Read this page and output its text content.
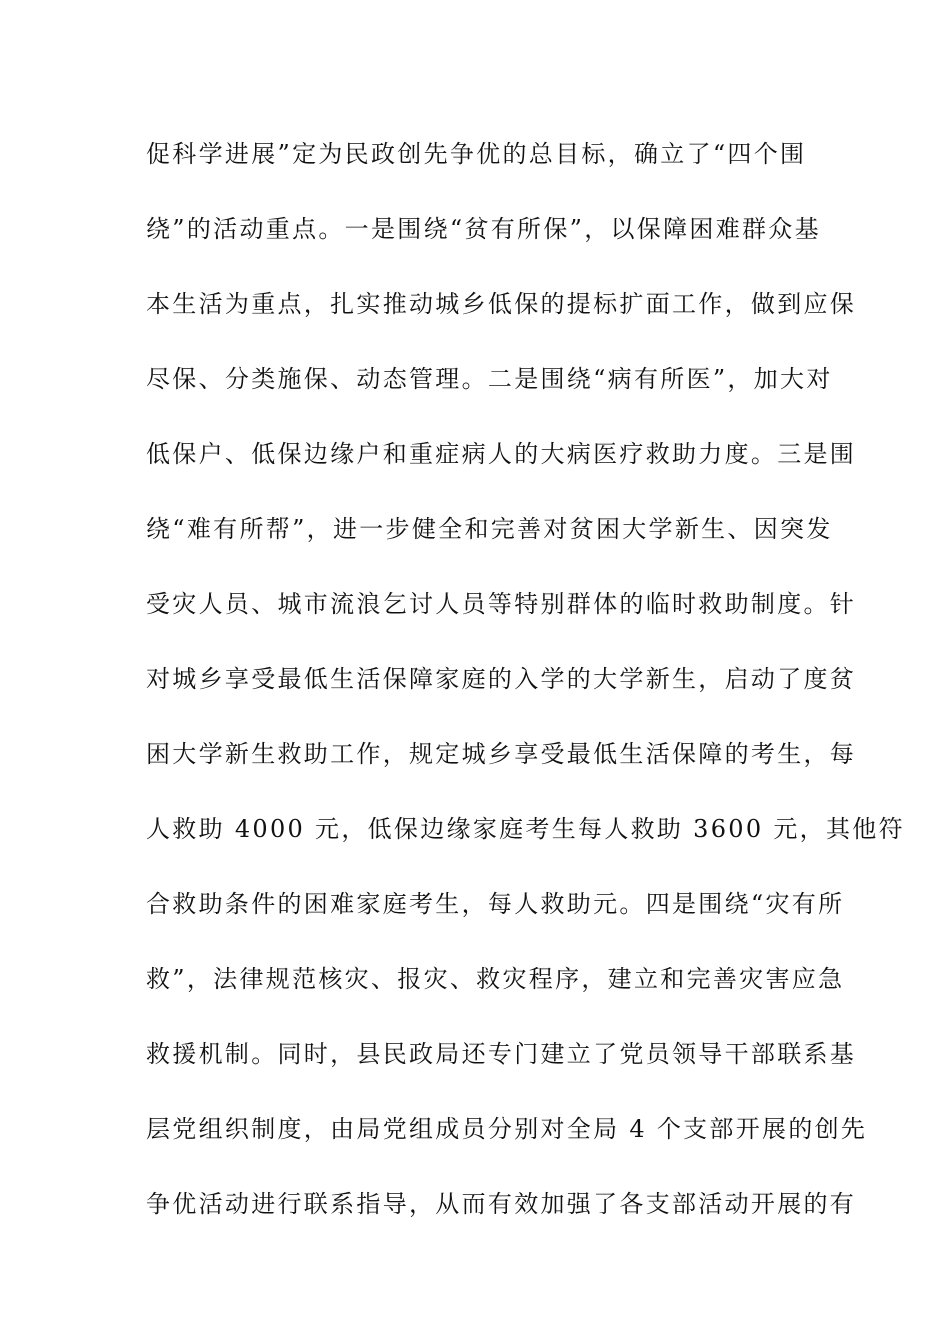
促科学进展”定为民政创先争优的总目标，确立了“四个围
绕”的活动重点。一是围绕“贫有所保”，以保障困难群众基
本生活为重点，扎实推动城乡低保的提标扩面工作，做到应保
尽保、分类施保、动态管理。二是围绕“病有所医”，加大对
低保户、低保边缘户和重症病人的大病医疗救助力度。三是围
绕“难有所帮”，进一步健全和完善对贫困大学新生、因突发
受灾人员、城市流浪乞讨人员等特别群体的临时救助制度。针
对城乡享受最低生活保障家庭的入学的大学新生，启动了度贫
困大学新生救助工作，规定城乡享受最低生活保障的考生，每
人救助 4000 元，低保边缘家庭考生每人救助 3600 元，其他符
合救助条件的困难家庭考生，每人救助元。四是围绕“灾有所
救”，法律规范核灾、报灾、救灾程序，建立和完善灾害应急
救援机制。同时，县民政局还专门建立了党员领导干部联系基
层党组织制度，由局党组成员分别对全局 4 个支部开展的创先
争优活动进行联系指导，从而有效加强了各支部活动开展的有
